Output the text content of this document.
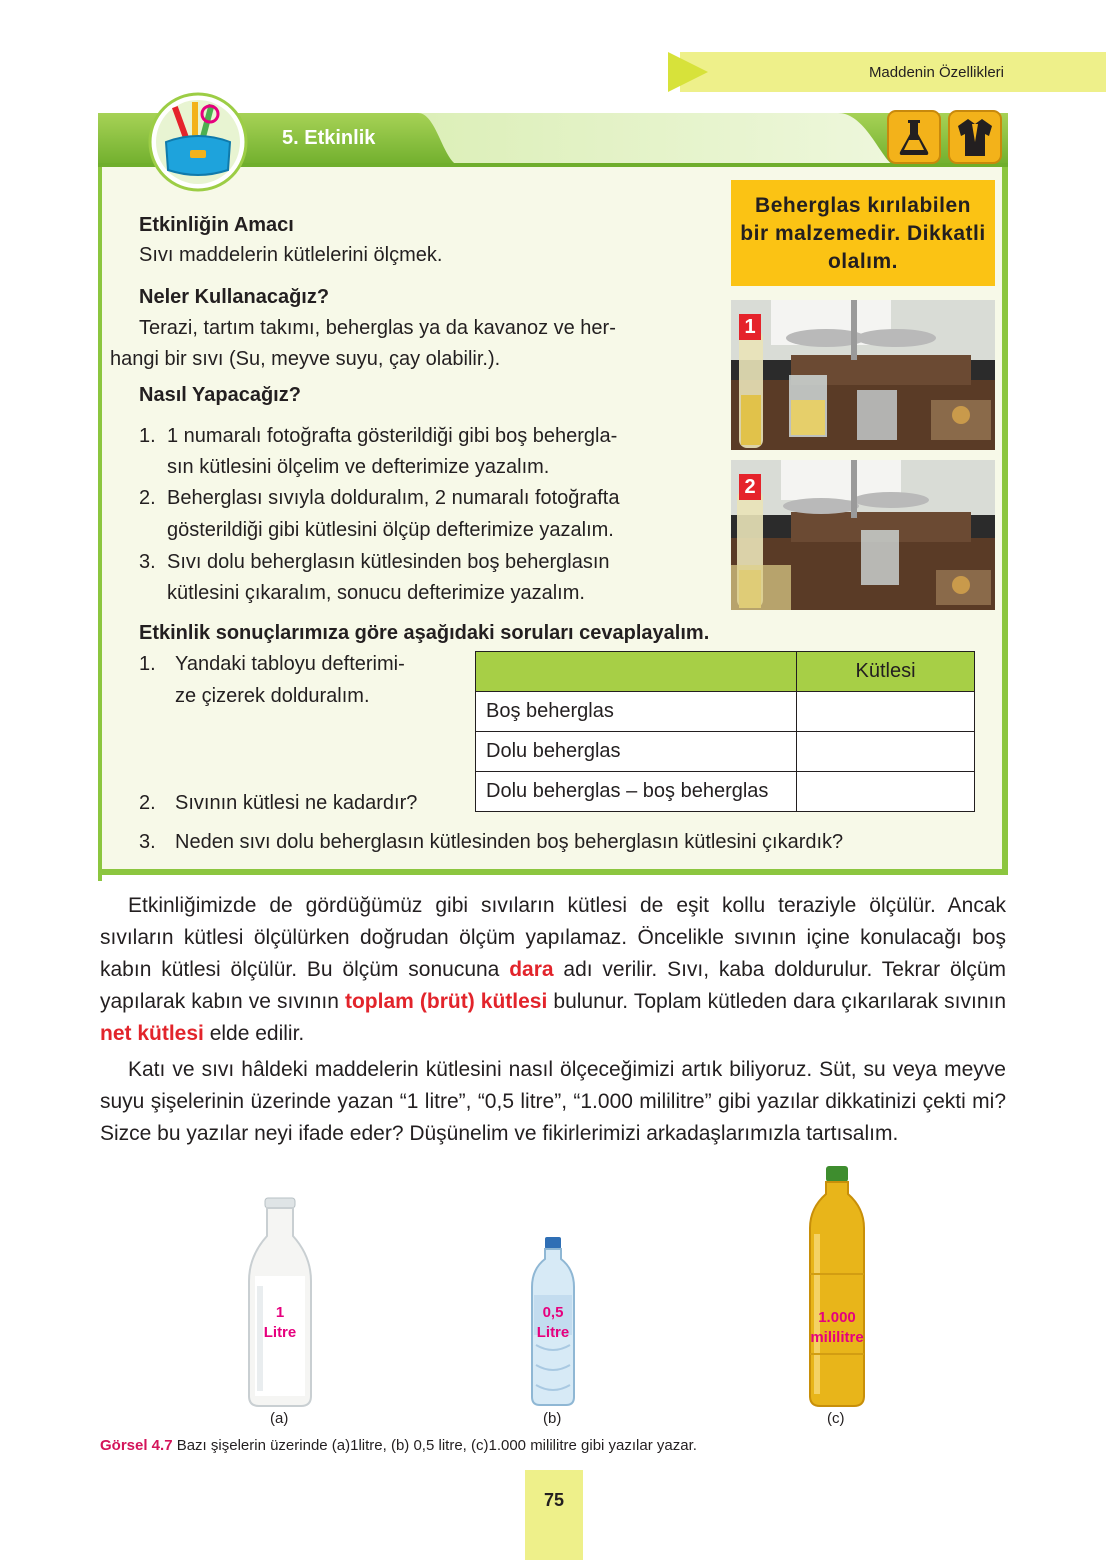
Maddenin Özellikleri
5. Etkinlik
Beherglas kırılabilen
bir malzemedir. Dikkatli
olalım.
1
2
Etkinliğin Amacı
Sıvı maddelerin kütlelerini ölçmek.
Neler Kullanacağız?
Terazi, tartım takımı, beherglas ya da kavanoz ve her-
hangi bir sıvı (Su, meyve suyu, çay olabilir.).
Nasıl Yapacağız?
1. 1 numaralı fotoğrafta gösterildiği gibi boş behergla-
sın kütlesini ölçelim ve defterimize yazalım.
2. Beherglası sıvıyla dolduralım, 2 numaralı fotoğrafta
gösterildiği gibi kütlesini ölçüp defterimize yazalım.
3. Sıvı dolu beherglasın kütlesinden boş beherglasın
kütlesini çıkaralım, sonucu defterimize yazalım.
Etkinlik sonuçlarımıza göre aşağıdaki soruları cevaplayalım.
1. Yandaki tabloyu defterimi-
ze çizerek dolduralım.
2. Sıvının kütlesi ne kadardır?
3. Neden sıvı dolu beherglasın kütlesinden boş beherglasın kütlesini çıkardık?
	Kütlesi
Boş beherglas	
Dolu beherglas	
Dolu beherglas – boş beherglas	
Etkinliğimizde de gördüğümüz gibi sıvıların kütlesi de eşit kollu teraziyle ölçülür. Ancak sıvıların kütlesi ölçülürken doğrudan ölçüm yapılamaz. Öncelikle sıvının içine konulacağı boş kabın kütlesi ölçülür. Bu ölçüm sonucuna dara adı verilir. Sıvı, kaba doldurulur. Tekrar ölçüm yapılarak kabın ve sıvının toplam (brüt) kütlesi bulunur. Toplam kütleden dara çıkarılarak sıvının net kütlesi elde edilir.
Katı ve sıvı hâldeki maddelerin kütlesini nasıl ölçeceğimizi artık biliyoruz. Süt, su veya meyve suyu şişelerinin üzerinde yazan “1 litre”, “0,5 litre”, “1.000 mililitre” gibi yazılar dikkatinizi çekti mi? Sizce bu yazılar neyi ifade eder? Düşünelim ve fikirlerimizi arkadaşlarımızla tartısalım.
1
Litre
0,5
Litre
1.000
mililitre
(a)	(b)	(c)
Görsel 4.7 Bazı şişelerin üzerinde (a)1litre, (b) 0,5 litre, (c)1.000 mililitre gibi yazılar yazar.
75
